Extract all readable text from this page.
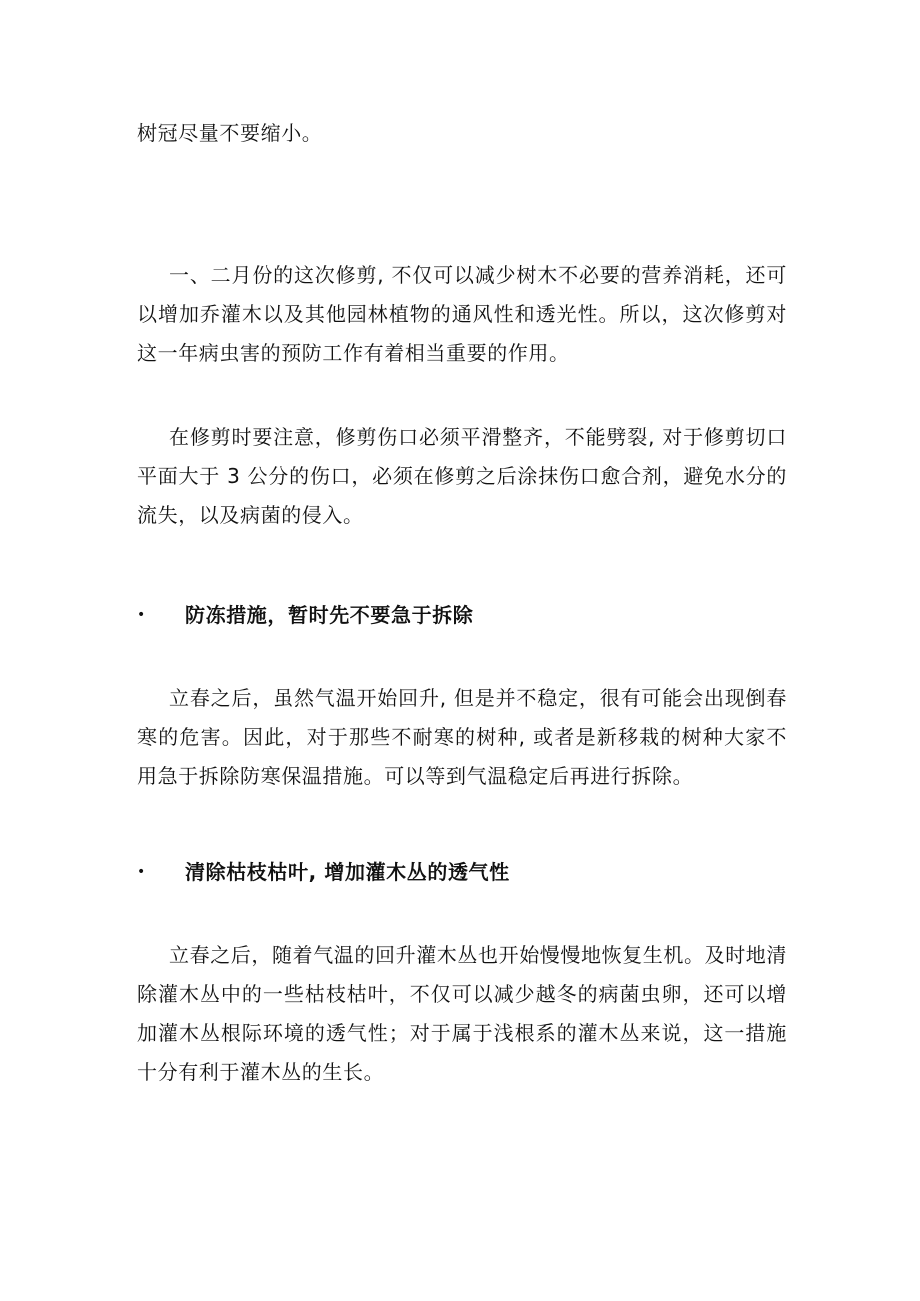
树冠尽量不要缩小。

一、二月份的这次修剪, 不仅可以减少树木不必要的营养消耗，还可以增加乔灌木以及其他园林植物的通风性和透光性。所以，这次修剪对这一年病虫害的预防工作有着相当重要的作用。

在修剪时要注意，修剪伤口必须平滑整齐，不能劈裂, 对于修剪切口平面大于 3 公分的伤口，必须在修剪之后涂抹伤口愈合剂，避免水分的流失，以及病菌的侵入。

•	防冻措施，暂时先不要急于拆除

立春之后，虽然气温开始回升, 但是并不稳定，很有可能会出现倒春寒的危害。因此，对于那些不耐寒的树种, 或者是新移栽的树种大家不用急于拆除防寒保温措施。可以等到气温稳定后再进行拆除。

•	清除枯枝枯叶, 增加灌木丛的透气性

立春之后，随着气温的回升灌木丛也开始慢慢地恢复生机。及时地清除灌木丛中的一些枯枝枯叶，不仅可以减少越冬的病菌虫卵，还可以增加灌木丛根际环境的透气性；对于属于浅根系的灌木丛来说，这一措施十分有利于灌木丛的生长。
